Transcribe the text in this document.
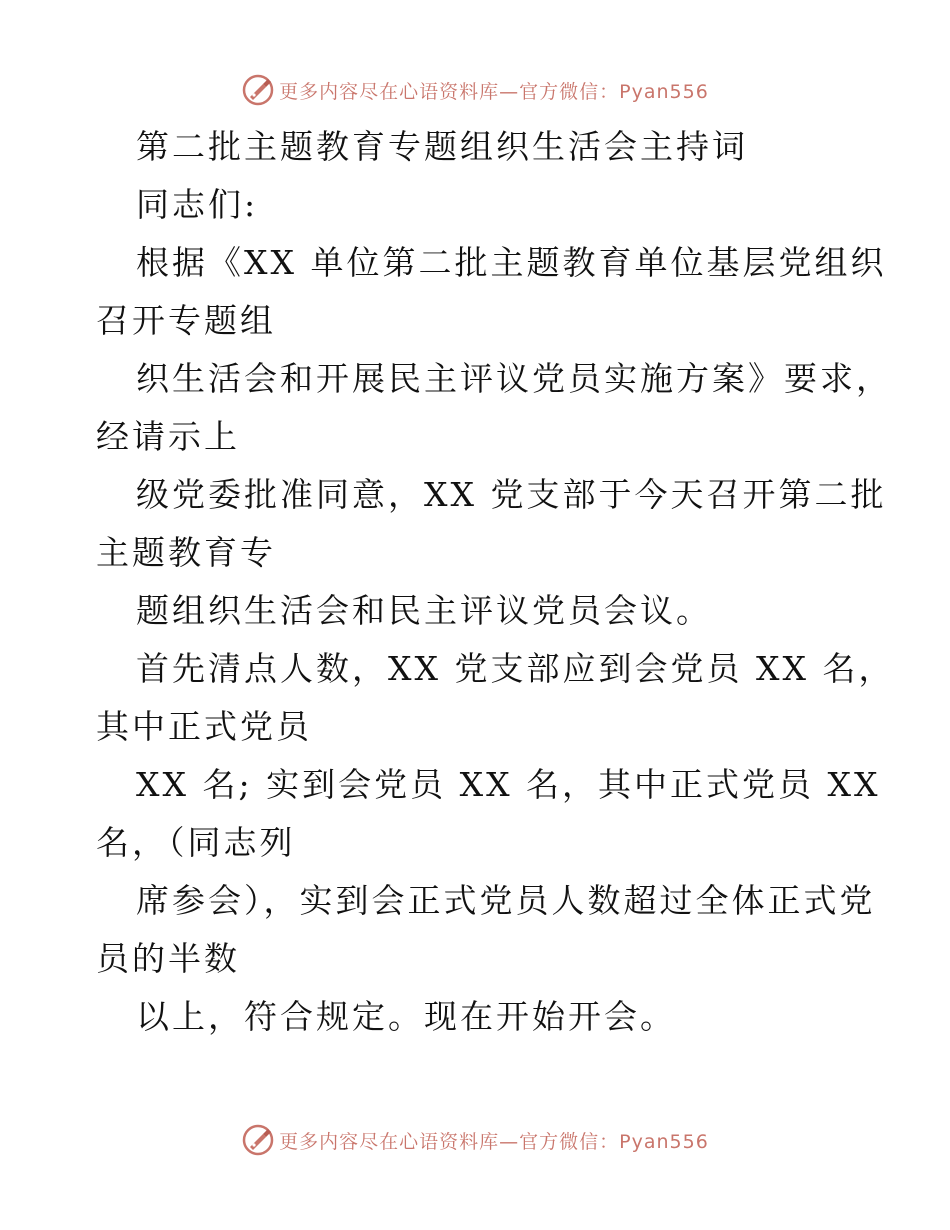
更多内容尽在心语资料库—官方微信：Pyan556
第二批主题教育专题组织生活会主持词
同志们:
根据《XX 单位第二批主题教育单位基层党组织
召开专题组
织生活会和开展民主评议党员实施方案》要求，
经请示上
级党委批准同意，XX 党支部于今天召开第二批
主题教育专
题组织生活会和民主评议党员会议。
首先清点人数，XX 党支部应到会党员 XX 名，
其中正式党员
XX 名; 实到会党员 XX 名，其中正式党员 XX
名，（同志列
席参会），实到会正式党员人数超过全体正式党
员的半数
以上，符合规定。现在开始开会。
更多内容尽在心语资料库—官方微信：Pyan556
